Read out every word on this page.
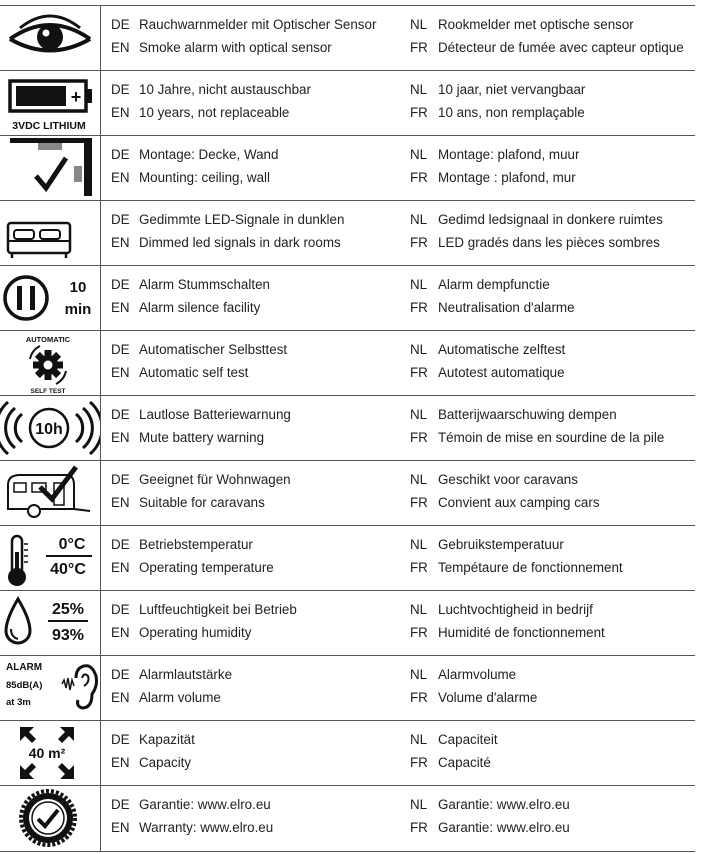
DE Rauchwarnmelder mit Optischer Sensor
EN Smoke alarm with optical sensor
NL Rookmelder met optische sensor
FR Détecteur de fumée avec capteur optique
+
3VDC LITHIUM
DE 10 Jahre, nicht austauschbar
EN 10 years, not replaceable
NL 10 jaar, niet vervangbaar
FR 10 ans, non remplaçable
DE Montage: Decke, Wand
EN Mounting: ceiling, wall
NL Montage: plafond, muur
FR Montage : plafond, mur
DE Gedimmte LED-Signale in dunklen
EN Dimmed led signals in dark rooms
NL Gedimd ledsignaal in donkere ruimtes
FR LED gradés dans les pièces sombres
10
min
DE Alarm Stummschalten
EN Alarm silence facility
NL Alarm dempfunctie
FR Neutralisation d'alarme
AUTOMATIC
SELF TEST
DE Automatischer Selbsttest
EN Automatic self test
NL Automatische zelftest
FR Autotest automatique
10h
DE Lautlose Batteriewarnung
EN Mute battery warning
NL Batterijwaarschuwing dempen
FR Témoin de mise en sourdine de la pile
DE Geeignet für Wohnwagen
EN Suitable for caravans
NL Geschikt voor caravans
FR Convient aux camping cars
0°C
40°C
DE Betriebstemperatur
EN Operating temperature
NL Gebruikstemperatuur
FR Tempétaure de fonctionnement
25%
93%
DE Luftfeuchtigkeit bei Betrieb
EN Operating humidity
NL Luchtvochtigheid in bedrijf
FR Humidité de fonctionnement
ALARM
85dB(A)
at 3m
DE Alarmlautstärke
EN Alarm volume
NL Alarmvolume
FR Volume d'alarme
40 m²
DE Kapazität
EN Capacity
NL Capaciteit
FR Capacité
DE Garantie: www.elro.eu
EN Warranty: www.elro.eu
NL Garantie: www.elro.eu
FR Garantie: www.elro.eu
